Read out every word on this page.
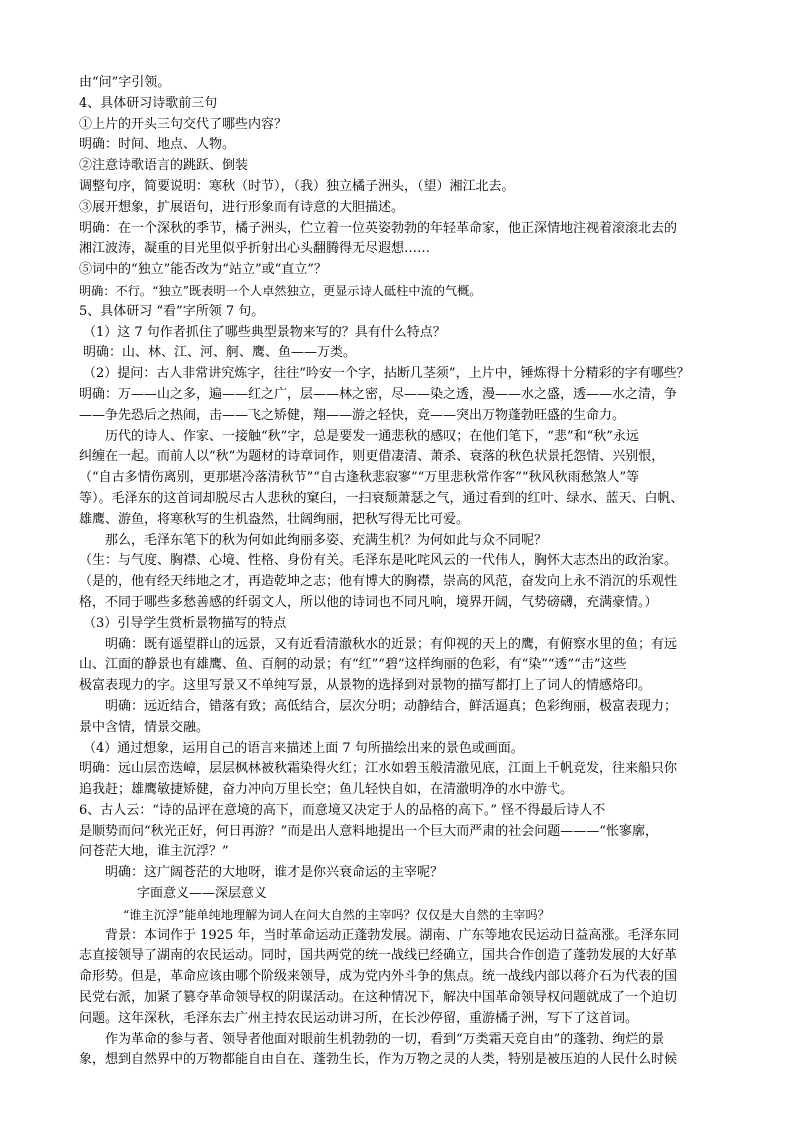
由“问”字引领。

4、具体研习诗歌前三句

①上片的开头三句交代了哪些内容？

明确：时间、地点、人物。

②注意诗歌语言的跳跃、倒装

调整句序，简要说明：寒秋（时节），（我）独立橘子洲头，（望）湘江北去。

③展开想象，扩展语句，进行形象而有诗意的大胆描述。

明确：在一个深秋的季节，橘子洲头，伫立着一位英姿勃勃的年轻革命家，他正深情地注视着滚滚北去的

湘江波涛，凝重的目光里似乎折射出心头翻腾得无尽遐想……

⑤词中的“独立”能否改为“站立”或“直立”？

明确：不行。“独立”既表明一个人卓然独立，更显示诗人砥柱中流的气概。

5、具体研习 “看”字所领 7 句。

（1）这 7 句作者抓住了哪些典型景物来写的？具有什么特点？

明确：山、林、江、河、舸、鹰、鱼——万类。

（2）提问：古人非常讲究炼字，往往“吟安一个字，拈断几茎须”，上片中，锤炼得十分精彩的字有哪些？

明确：万——山之多，遍——红之广，层——林之密，尽——染之透，漫——水之盛，透——水之清，争

——争先恐后之热闹，击——飞之矫健，翔——游之轻快，竞——突出万物蓬勃旺盛的生命力。

历代的诗人、作家、一接触“秋”字，总是要发一通悲秋的感叹；在他们笔下，“悲”和“秋”永远

纠缠在一起。而前人以“秋”为题材的诗章词作，则更借凄清、萧杀、衰落的秋色状景托怨情、兴别恨，

（“自古多情伤离别，更那堪冷落清秋节”“自古逢秋悲寂寥”“万里悲秋常作客”“秋风秋雨愁煞人”等

等）。毛泽东的这首词却脱尽古人悲秋的窠臼，一扫衰颓萧瑟之气，通过看到的红叶、绿水、蓝天、白帆、

雄鹰、游鱼，将寒秋写的生机盎然，壮阔绚丽，把秋写得无比可爱。

那么，毛泽东笔下的秋为何如此绚丽多姿、充满生机？为何如此与众不同呢？

（生：与气度、胸襟、心境、性格、身份有关。毛泽东是叱咤风云的一代伟人，胸怀大志杰出的政治家。

（是的，他有经天纬地之才，再造乾坤之志；他有博大的胸襟，崇高的风范，奋发向上永不消沉的乐观性

格，不同于哪些多愁善感的纤弱文人，所以他的诗词也不同凡响，境界开阔，气势磅礴，充满豪情。）

（3）引导学生赏析景物描写的特点

明确：既有遥望群山的远景，又有近看清澈秋水的近景；有仰视的天上的鹰，有俯察水里的鱼；有远

山、江面的静景也有雄鹰、鱼、百舸的动景；有“红”“碧”这样绚丽的色彩，有“染”“透”“击”这些

极富表现力的字。这里写景又不单纯写景，从景物的选择到对景物的描写都打上了词人的情感烙印。

明确：远近结合，错落有致；高低结合，层次分明；动静结合，鲜活逼真；色彩绚丽，极富表现力；

景中含情，情景交融。

（4）通过想象，运用自己的语言来描述上面 7 句所描绘出来的景色或画面。

明确：远山层峦迭嶂，层层枫林被秋霜染得火红；江水如碧玉般清澈见底，江面上千帆竞发，往来船只你

追我赶；雄鹰敏捷矫健，奋力冲向万里长空；鱼儿轻快自如，在清澈明净的水中游弋。

6、古人云：“诗的品评在意境的高下，而意境又决定于人的品格的高下。” 怪不得最后诗人不

是顺势而问“秋光正好，何日再游？”而是出人意料地提出一个巨大而严肃的社会问题———“怅寥廓，

问苍茫大地，谁主沉浮？”

明确：这广阔苍茫的大地呀，谁才是你兴衰命运的主宰呢？

字面意义——深层意义

“谁主沉浮”能单纯地理解为词人在问大自然的主宰吗？仅仅是大自然的主宰吗？

背景：本词作于 1925 年，当时革命运动正蓬勃发展。湖南、广东等地农民运动日益高涨。毛泽东同

志直接领导了湖南的农民运动。同时，国共两党的统一战线已经确立，国共合作创造了蓬勃发展的大好革

命形势。但是，革命应该由哪个阶级来领导，成为党内外斗争的焦点。统一战线内部以蒋介石为代表的国

民党右派，加紧了篡夺革命领导权的阴谋活动。在这种情况下，解决中国革命领导权问题就成了一个迫切

问题。这年深秋，毛泽东去广州主持农民运动讲习所，在长沙停留，重游橘子洲，写下了这首词。

作为革命的参与者、领导者他面对眼前生机勃勃的一切，看到“万类霜天竞自由”的蓬勃、绚烂的景

象，想到自然界中的万物都能自由自在、蓬勃生长，作为万物之灵的人类，特别是被压迫的人民什么时候
